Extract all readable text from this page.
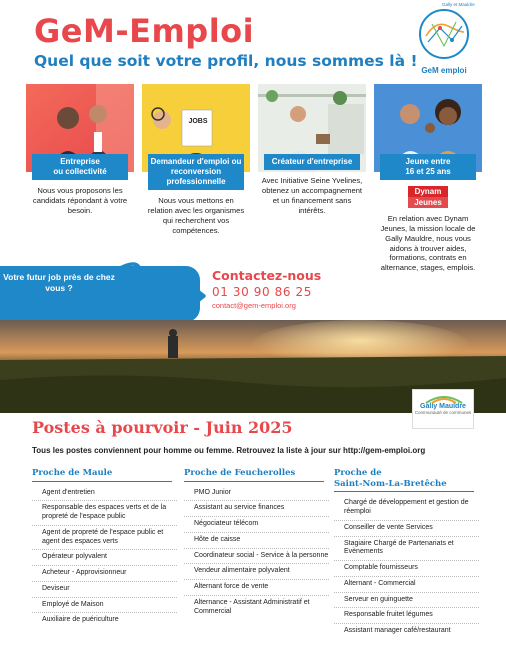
GeM-Emploi
Quel que soit votre profil, nous sommes là !
Gally et Mauldre
GeM emploi
Entreprise
ou collectivité
Nous vous proposons les candidats répondant à votre besoin.
JOBS
Demandeur d'emploi ou reconversion professionnelle
Nous vous mettons en relation avec les organismes qui recherchent vos compétences.
Créateur d'entreprise
Avec Initiative Seine Yvelines, obtenez un accompagnement et un financement sans intérêts.
Jeune entre
16 et 25 ans
Dynam
Jeunes
En relation avec Dynam Jeunes, la mission locale de Gally Mauldre, nous vous aidons à trouver aides, formations, contrats en alternance, stages, emplois.
Votre futur job près de chez vous ?
Contactez-nous
01 30 90 86 25
contact@gem-emploi.org
Gally Mauldre
Communauté de communes
Postes à pourvoir - Juin 2025
Tous les postes conviennent pour homme ou femme. Retrouvez la liste à jour sur http://gem-emploi.org
Proche de Maule
Agent d'entretien
Responsable des espaces verts et de la propreté de l'espace public
Agent de propreté de l'espace public et agent des espaces verts
Opérateur polyvalent
Acheteur - Approvisionneur
Deviseur
Employé de Maison
Auxiliaire de puériculture
Proche de Feucherolles
PMO Junior
Assistant au service finances
Négociateur télécom
Hôte de caisse
Coordinateur social - Service à la personne
Vendeur alimentaire polyvalent
Alternant force de vente
Alternance - Assistant Administratif et Commercial
Proche de
Saint-Nom-La-Bretêche
Chargé de développement et gestion de réemploi
Conseiller de vente Services
Stagiaire Chargé de Partenariats et Evènements
Comptable fournisseurs
Alternant - Commercial
Serveur en guinguette
Responsable fruitet légumes
Assistant manager café/restaurant
